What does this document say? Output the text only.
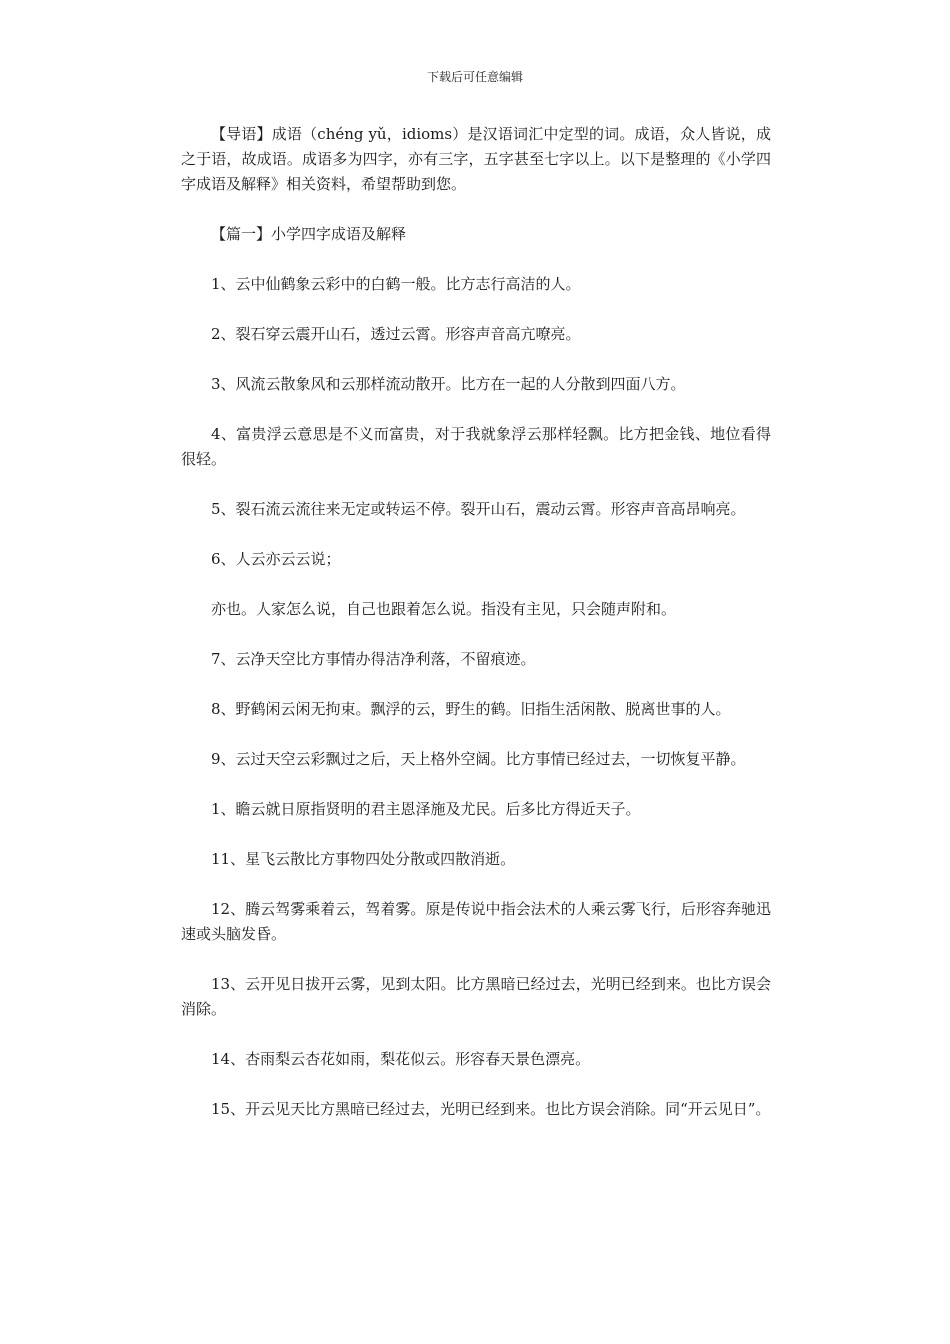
下载后可任意编辑

【导语】成语（chéng yǔ，idioms）是汉语词汇中定型的词。成语，众人皆说，成之于语，故成语。成语多为四字，亦有三字，五字甚至七字以上。以下是整理的《小学四字成语及解释》相关资料，希望帮助到您。

【篇一】小学四字成语及解释

1、云中仙鹤象云彩中的白鹤一般。比方志行高洁的人。

2、裂石穿云震开山石，透过云霄。形容声音高亢嘹亮。

3、风流云散象风和云那样流动散开。比方在一起的人分散到四面八方。

4、富贵浮云意思是不义而富贵，对于我就象浮云那样轻飘。比方把金钱、地位看得很轻。

5、裂石流云流往来无定或转运不停。裂开山石，震动云霄。形容声音高昂响亮。

6、人云亦云云说；

亦也。人家怎么说，自己也跟着怎么说。指没有主见，只会随声附和。

7、云净天空比方事情办得洁净利落，不留痕迹。

8、野鹤闲云闲无拘束。飘浮的云，野生的鹤。旧指生活闲散、脱离世事的人。

9、云过天空云彩飘过之后，天上格外空阔。比方事情已经过去，一切恢复平静。

1、瞻云就日原指贤明的君主恩泽施及尤民。后多比方得近天子。

11、星飞云散比方事物四处分散或四散消逝。

12、腾云驾雾乘着云，驾着雾。原是传说中指会法术的人乘云雾飞行，后形容奔驰迅速或头脑发昏。

13、云开见日拔开云雾，见到太阳。比方黑暗已经过去，光明已经到来。也比方误会消除。

14、杏雨梨云杏花如雨，梨花似云。形容春天景色漂亮。

15、开云见天比方黑暗已经过去，光明已经到来。也比方误会消除。同“开云见日”。
